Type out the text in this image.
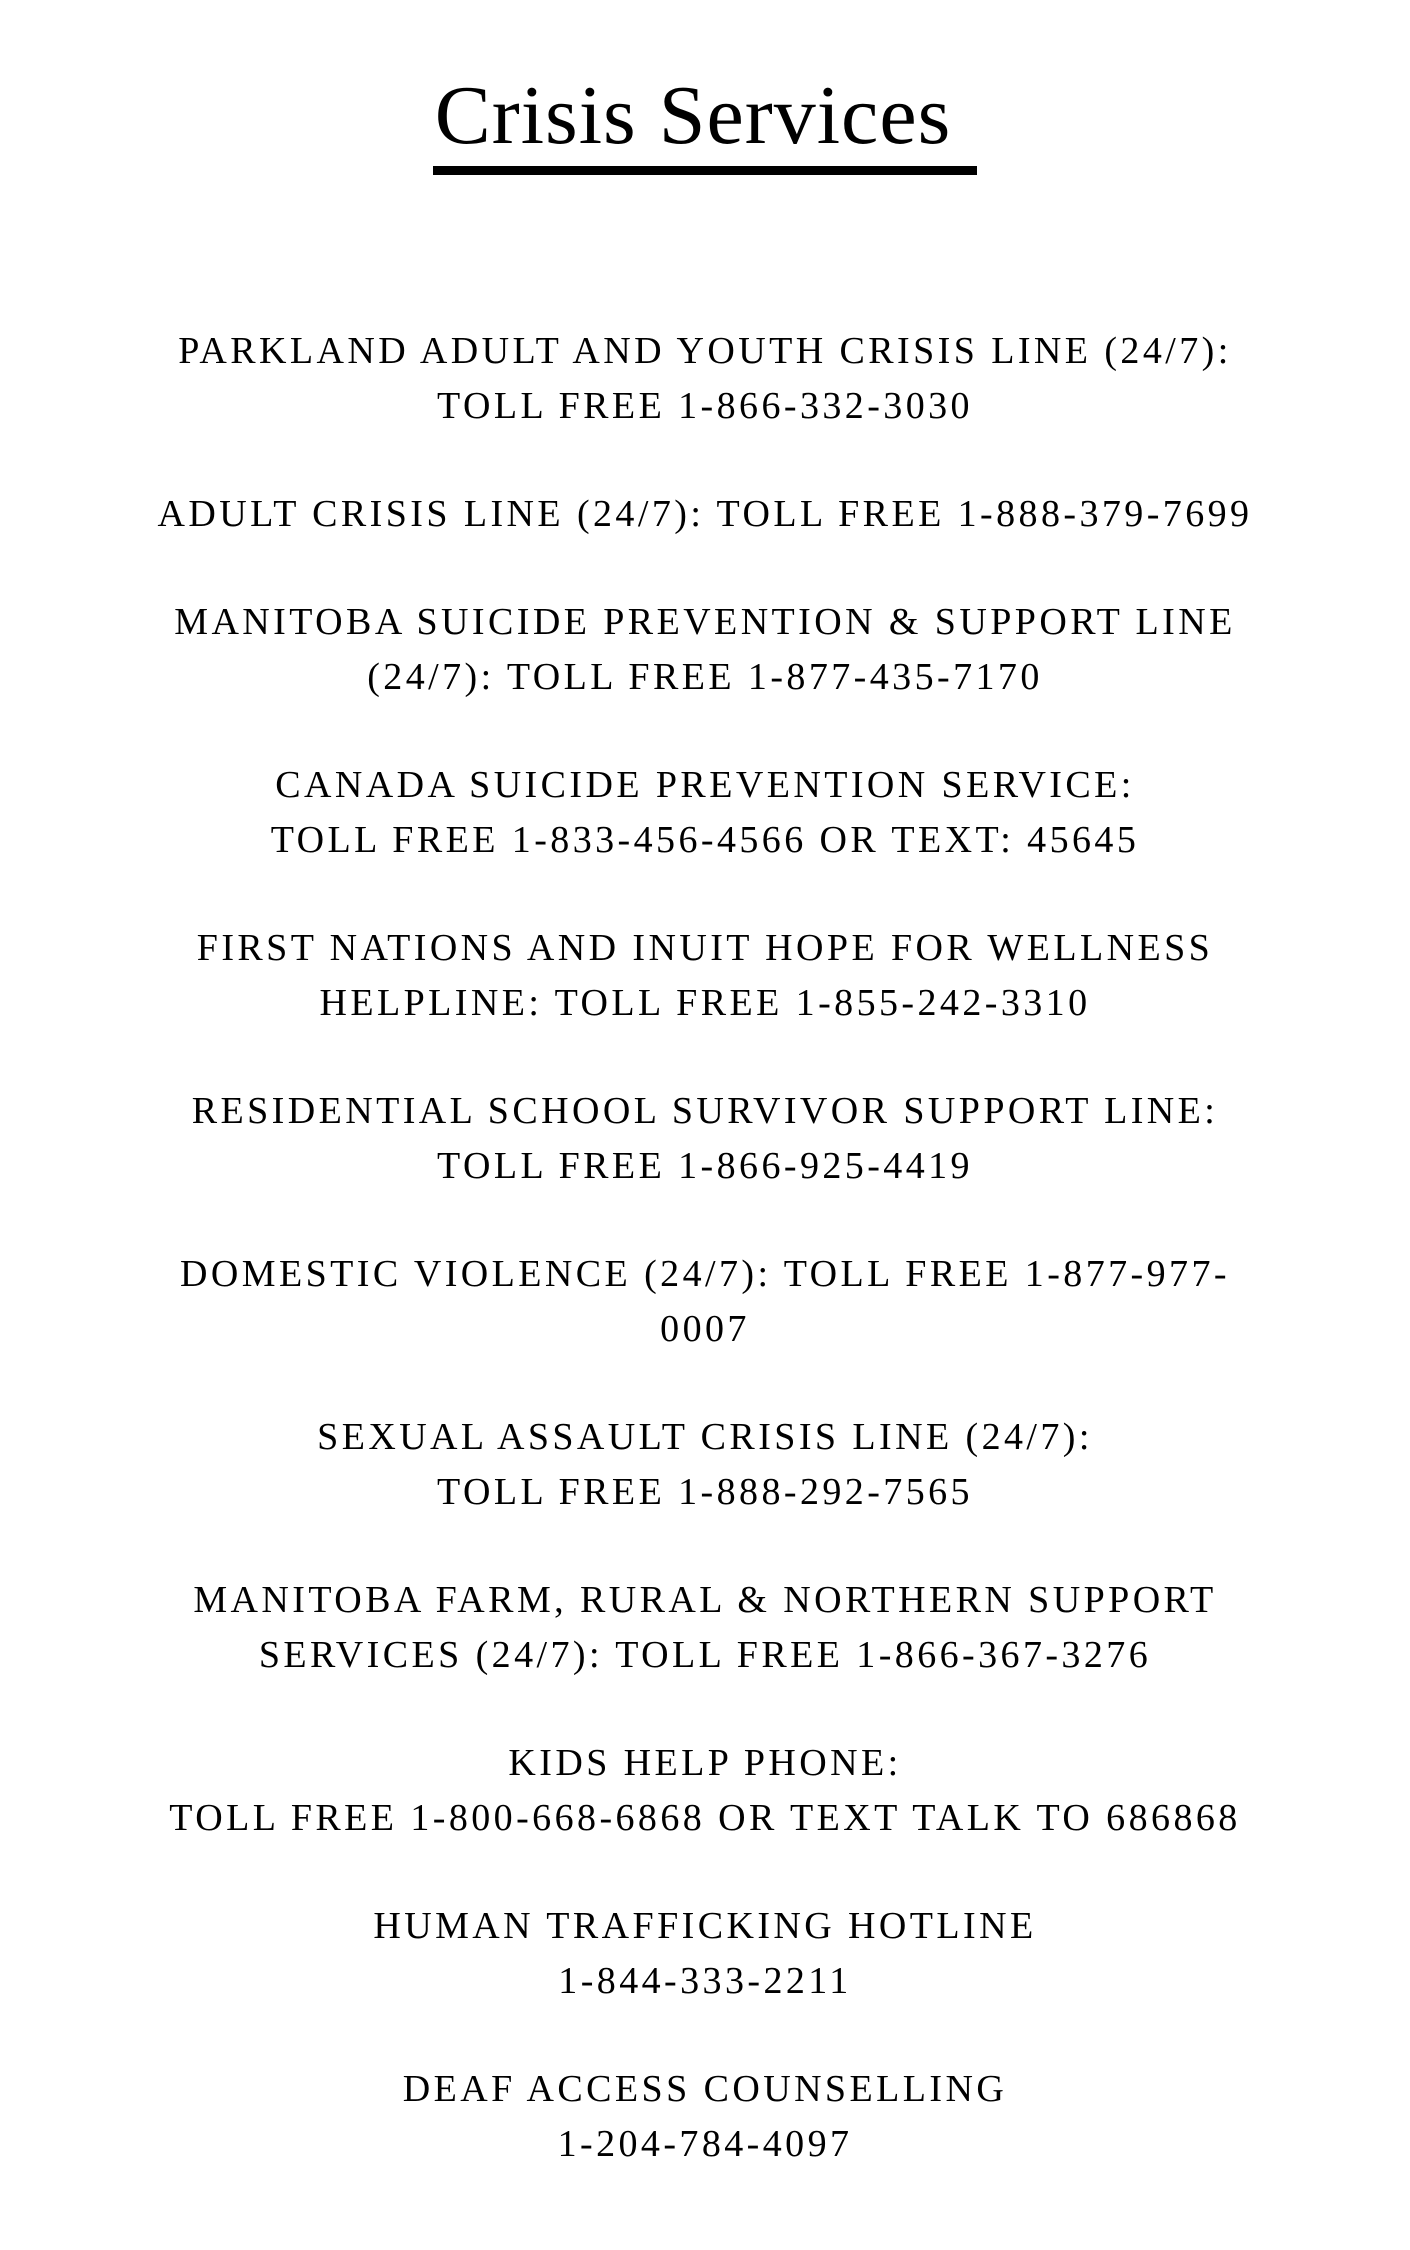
Crisis Services
PARKLAND ADULT AND YOUTH CRISIS LINE (24/7):
TOLL FREE 1-866-332-3030
ADULT CRISIS LINE (24/7): TOLL FREE 1-888-379-7699
MANITOBA SUICIDE PREVENTION & SUPPORT LINE
(24/7): TOLL FREE 1-877-435-7170
CANADA SUICIDE PREVENTION SERVICE:
TOLL FREE 1-833-456-4566 OR TEXT: 45645
FIRST NATIONS AND INUIT HOPE FOR WELLNESS
HELPLINE: TOLL FREE 1-855-242-3310
RESIDENTIAL SCHOOL SURVIVOR SUPPORT LINE:
TOLL FREE 1-866-925-4419
DOMESTIC VIOLENCE (24/7): TOLL FREE 1-877-977-
0007
SEXUAL ASSAULT CRISIS LINE (24/7):
TOLL FREE 1-888-292-7565
MANITOBA FARM, RURAL & NORTHERN SUPPORT
SERVICES (24/7): TOLL FREE 1-866-367-3276
KIDS HELP PHONE:
TOLL FREE 1-800-668-6868 OR TEXT TALK TO 686868
HUMAN TRAFFICKING HOTLINE
1-844-333-2211
DEAF ACCESS COUNSELLING
1-204-784-4097
